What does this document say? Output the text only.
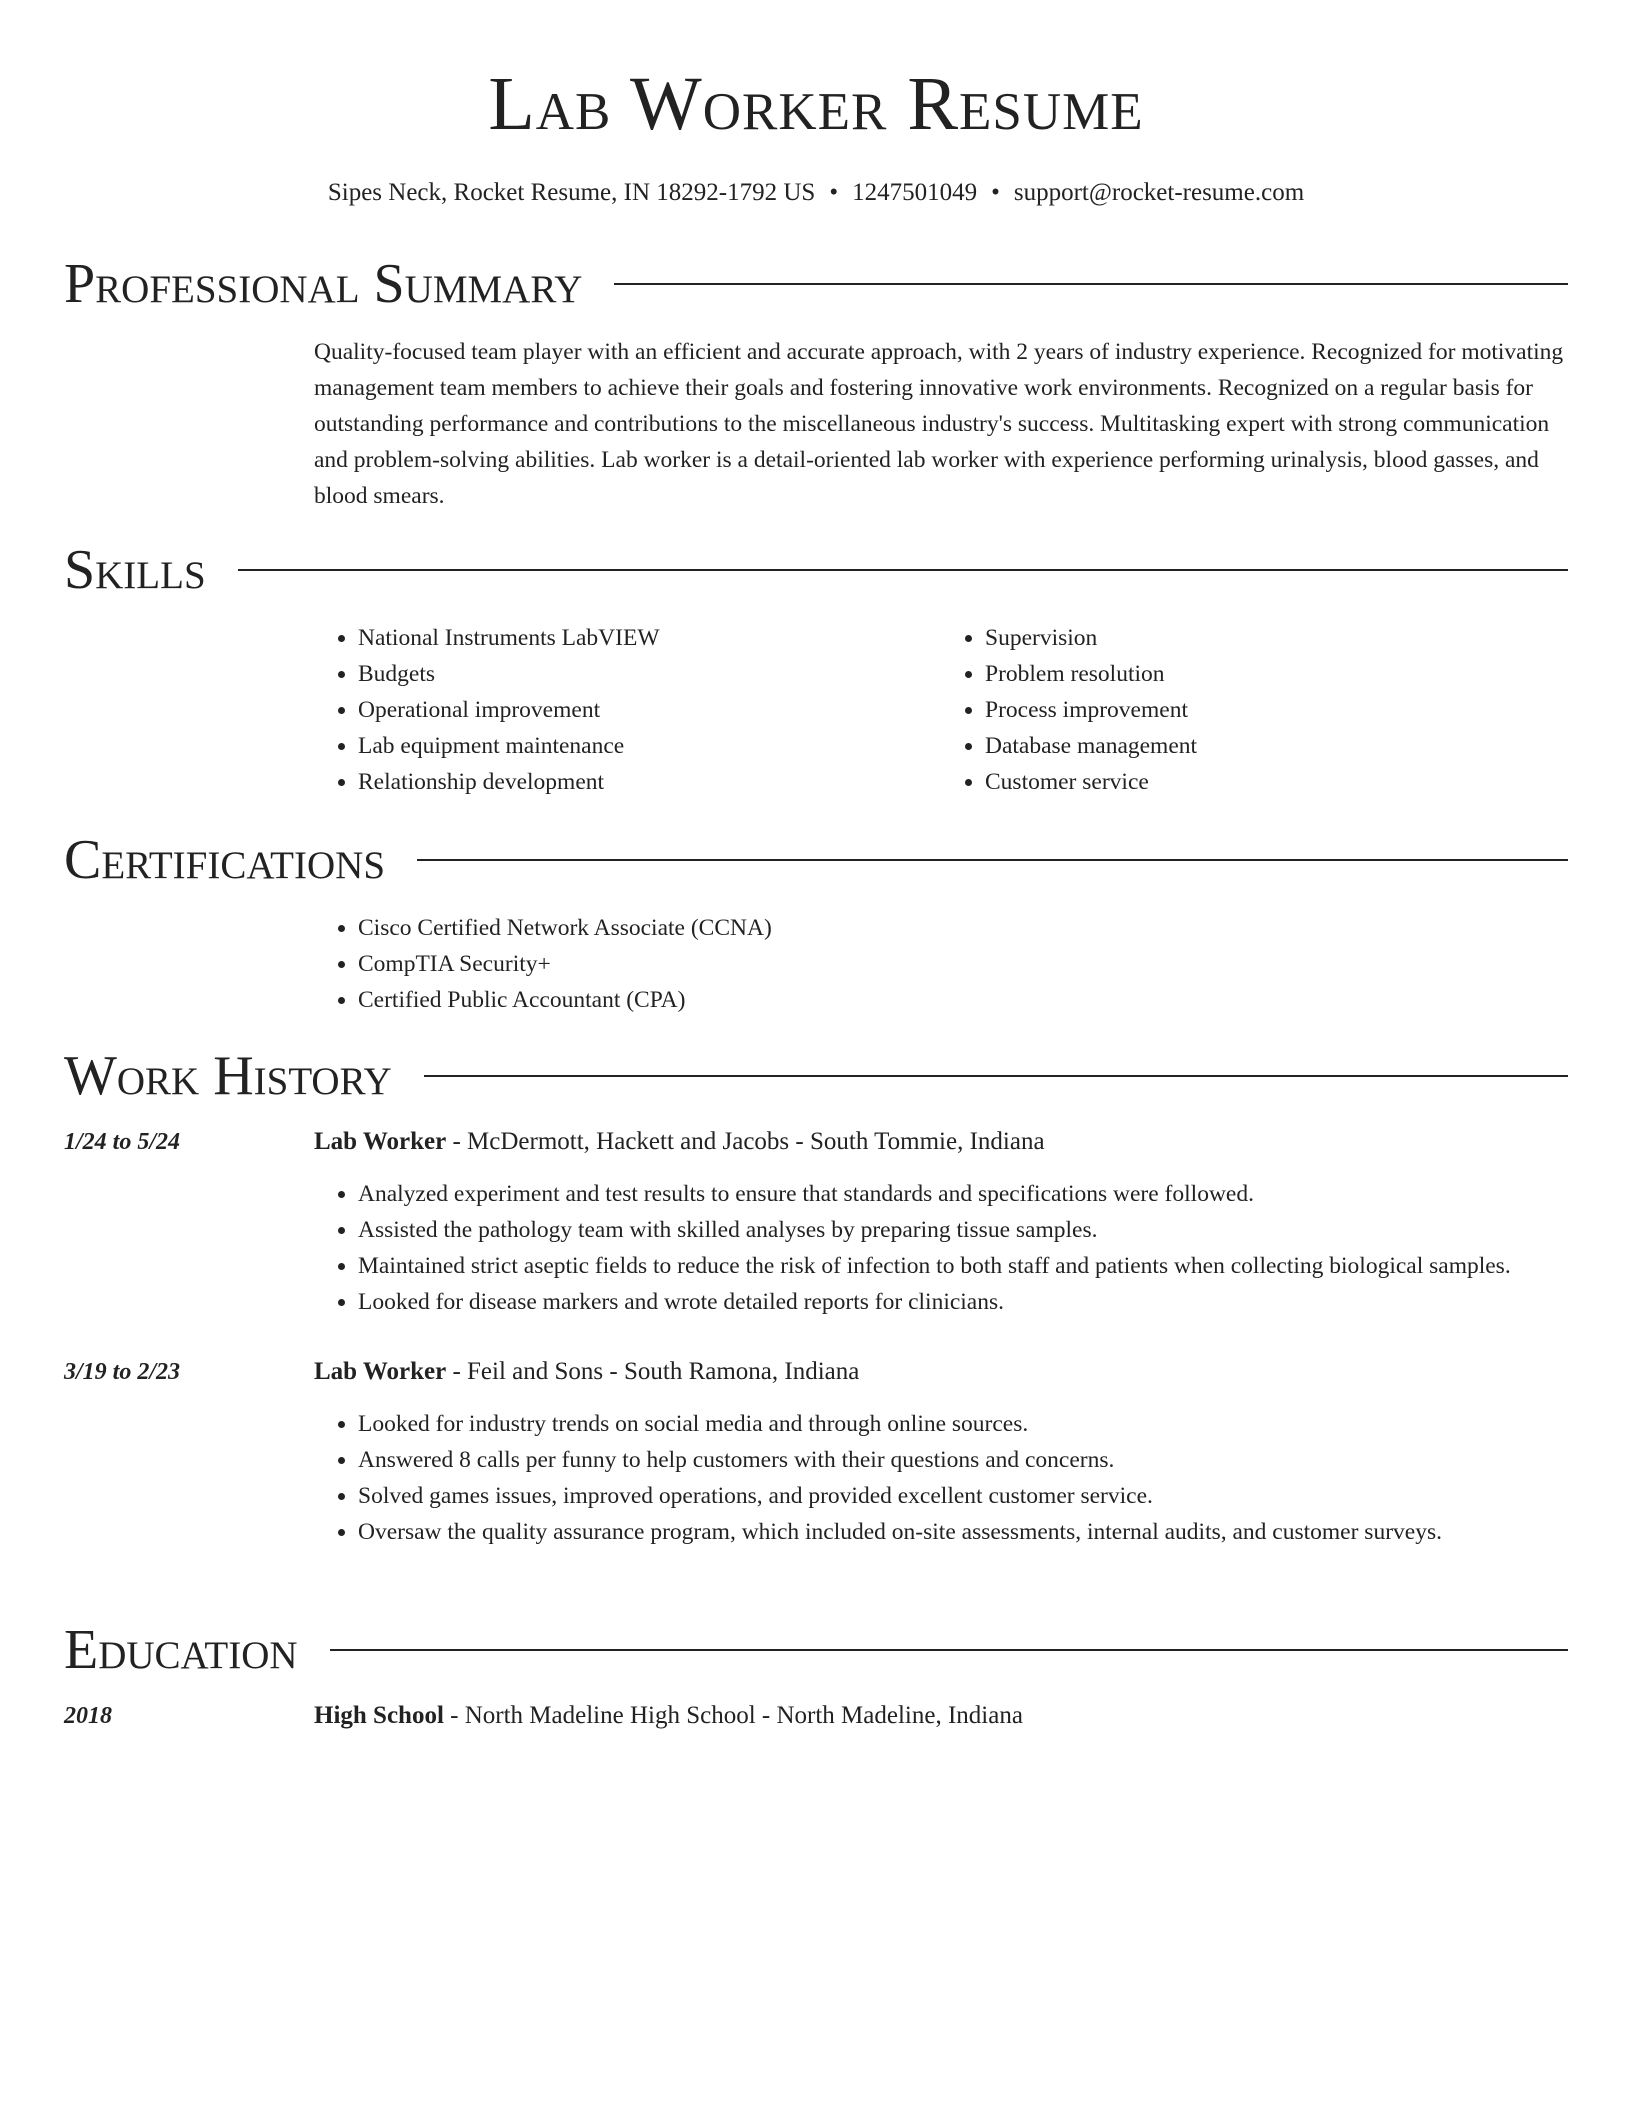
Lab Worker Resume
Sipes Neck, Rocket Resume, IN 18292-1792 US • 1247501049 • support@rocket-resume.com
Professional Summary

Quality-focused team player with an efficient and accurate approach, with 2 years of industry experience. Recognized for motivating management team members to achieve their goals and fostering innovative work environments. Recognized on a regular basis for outstanding performance and contributions to the miscellaneous industry's success. Multitasking expert with strong communication and problem-solving abilities. Lab worker is a detail-oriented lab worker with experience performing urinalysis, blood gasses, and blood smears.

Skills
• National Instruments LabVIEW
• Budgets
• Operational improvement
• Lab equipment maintenance
• Relationship development
• Supervision
• Problem resolution
• Process improvement
• Database management
• Customer service
Certifications
• Cisco Certified Network Associate (CCNA)
• CompTIA Security+
• Certified Public Accountant (CPA)
Work History
1/24 to 5/24	Lab Worker - McDermott, Hackett and Jacobs - South Tommie, Indiana
• Analyzed experiment and test results to ensure that standards and specifications were followed.
• Assisted the pathology team with skilled analyses by preparing tissue samples.
• Maintained strict aseptic fields to reduce the risk of infection to both staff and patients when collecting biological samples.
• Looked for disease markers and wrote detailed reports for clinicians.
3/19 to 2/23	Lab Worker - Feil and Sons - South Ramona, Indiana
• Looked for industry trends on social media and through online sources.
• Answered 8 calls per funny to help customers with their questions and concerns.
• Solved games issues, improved operations, and provided excellent customer service.
• Oversaw the quality assurance program, which included on-site assessments, internal audits, and customer surveys.
Education
2018	High School - North Madeline High School - North Madeline, Indiana
